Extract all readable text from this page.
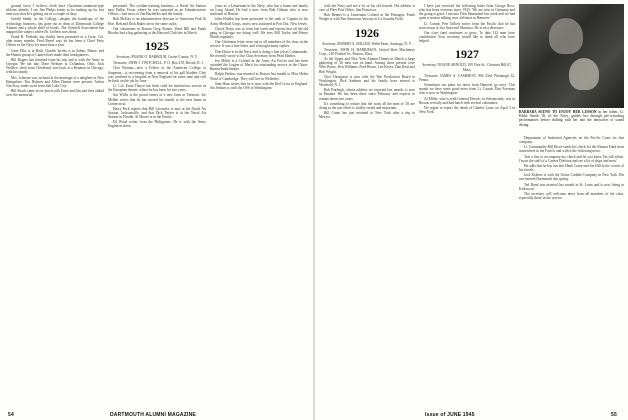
ground force, I believe—both have Christmas-ornament-type ribbons already. I see Jim Phelps seems to be making up for lost time now that he's getting out in a couple of days.

Gerald Smith, in the College—despite the handicaps of the technology business, has gone out as dean of Dartmouth College Alumni and a whole shelf of books. The Grenfell Association has mapped the subject where Dr. Lefferts was about.

Frank B. Peabody has finally been promoted to a Lieut. Col. after many months. Fred Breed says he has been a Chief Petty Officer in the Navy for more than a year.

Gene Ellis is in Bath, Charles Jacobs is in Salem, Maine, and the Hunter group of Cameo have made their headquarters.

Bill Rogers has returned from his trip and is with the Army in Georgia. He ran into Dave Webster at Columbus, Ohio. Jack Wallace, fresh from Cleveland, was back at a Reunion in Chicago, with his family.

Mrs. Johnson was on hand at the marriage of a daughter in New Hampshire. Tim Holmes and Allen Dennis were present. Arthur Van Scoy sends word from Salt Lake City.

Bill Brock came in for lunch with Ernie and Jim and they talked over the memorial.

personnel. The civilian training business—a Naval Air Station near Dallas Texas, where he was stationed as an Administrative Officer—had news of Jim Bachelder and the family.

Bob McKay is an administrative division of American Fork & Hoe. Bob and Dick Baker are in the same outfit.

Our classmates in Boston Greg Sloane, Ward Hill and Frank Rhodes had a big gathering at the Harvard Club late in March.

1925
Secretary, FRANK O. BARBOUR, Custer County, N. Y.

Treasurer, JOHN J. TWITCHELL, P. O. Box 478, Bristol, R. I.

Chet Wyman—now a Fellow of the American College of Surgeons—is recovering from a removal of his gall bladder. Chet was confined to a hospital in New England for some time and will be back on the job by June.

Lt. Col. Ernie Thayer has been cited for meritorious service in the European theater, where he has been for two years.

Jim Willis is the proud owner of a new farm in Vermont. Joe Mellen writes that he has moved his family to the new home in Connecticut.

Harry Peck reports that Bill Lawrence is now at the Naval Air Station, Jacksonville, and that Dick Parker is at the Naval Air Station in Florida. Al Moore is in the Pacific.

Ed Wood writes from the Philippines. He is with the Army Engineers there.

years as a Lieutenant in the Navy, who has a home and family on Long Island. He had a note from Bob Gilman who is now stationed in Hawaii.

John Holden has been promoted to the rank of Captain in the Army Medical Corps, and is now stationed at Fort Dix, New Jersey.

Chuck Davis was in town last week and reports that all the old gang in Chicago are doing well. He sees Bill Taylor and Henry Marsh regularly.

Our Christmas letter went out to all members of the class in the service. It was a fine letter, and it brought many replies.

Don Howe is in the Navy and is doing a fine job as Commander. He recently wrote to the Class Secretary from Pearl Harbor.

Joe Miller is a Colonel in the Army Air Forces and has been awarded the Legion of Merit for outstanding service in the China-Burma-India theatre.

Ralph Perkins was married in Boston last month to Miss Helen Ward of Cambridge. They will live in Wellesley.

Sam Hunt writes that he is now with the Red Cross in England. Stu Jenkins is with the OSS in Washington.

54	DARTMOUTH ALUMNI MAGAZINE

with the Navy and see a lot of his old friends. His address is care of Fleet Post Office, San Francisco.

Bob Bennet is a Lieutenant Colonel at the Pentagon. Frank Wright is with Pan American Airways at La Guardia Field.

1926
Secretary, ROBERT A. MILLER, Webb Farm, Saratoga, N. Y.

Treasurer, JOHN H. HARRIMAN, United Shoe Machinery Corp., 140 Federal St., Boston, Mass.

At the Upper and New York Alumni Dinner in March a large gathering of '26 men was on hand. Among those present were Whit Byrne, Ken Williams, Fred Horan, Len Keyes, Dan Kent and Bob Wright.

Chet Thompson is now with the War Production Board in Washington. Dick Sanborn and his family have moved to Westfield, N. J.

Bob Burleigh, whose address we reported last month, is now in Panama. He has been there since February and expects to remain about two years.

It's something to realize that the work all the men of '26 are doing in the war effort is widely varied and important.

Bill Crane has just returned to New York after a trip to Mexico.

I have just received the following letter from George Ross, who has been overseas since 1943: 'We are now in Germany and the going is good. I ran into Dick Hammond last week and we had quite a session talking over old times in Hanover.'

Lt. Comdr. Pete Gilbert writes from the Pacific that he has seen action at Iwo Jima and Okinawa. He is on a destroyer.

Our class fund continues to grow. To date 142 men have contributed. Your secretary would like to thank all who have helped.

1927
Secretary, DOANE ARNOLD, 199 Vine St., Chestnut Hill 67, Mass.

Treasurer, JAMES A. CAMERON, 800 43rd, Pittsburgh 32, Penna.

Sometimes our plans for news from Hanover go awry. This month we have some good news from Lt. Comdr. Don Freeman who is now in Washington.

Al Miller, who is with General Electric in Schenectady, was in Boston recently and had lunch with several classmates.

We regret to report the death of Charles Lowe on April 3 in New York.	BARBARA SEENO TO ENJOY HER LESSON as her father, Lt. Eddie Smith '26 of the Navy, guides her through pre-schooling performances before drifting with her into the intricacies of sound diving.

Department of Industrial Agencies on the Pacific Coast for that company.

Lt. Commander Bill Howe sends his check for the Alumni Fund from somewhere in the Pacific and with it the following news:

'Just a line to accompany my check and let you know I'm still afloat. I'm on the staff of a Carrier Division and see a lot of ships and men.'

He adds that he has run into Hank Crane and Joe Hill in the course of his travels.

Jack Roberts is with the Union Carbide Company in New York. His son entered Dartmouth this spring.

Ted Bond was married last month in St. Louis and is now living in Kirkwood.

The secretary will welcome news from all members of the class, especially those in the service.

Issue of JUNE 1945	55
